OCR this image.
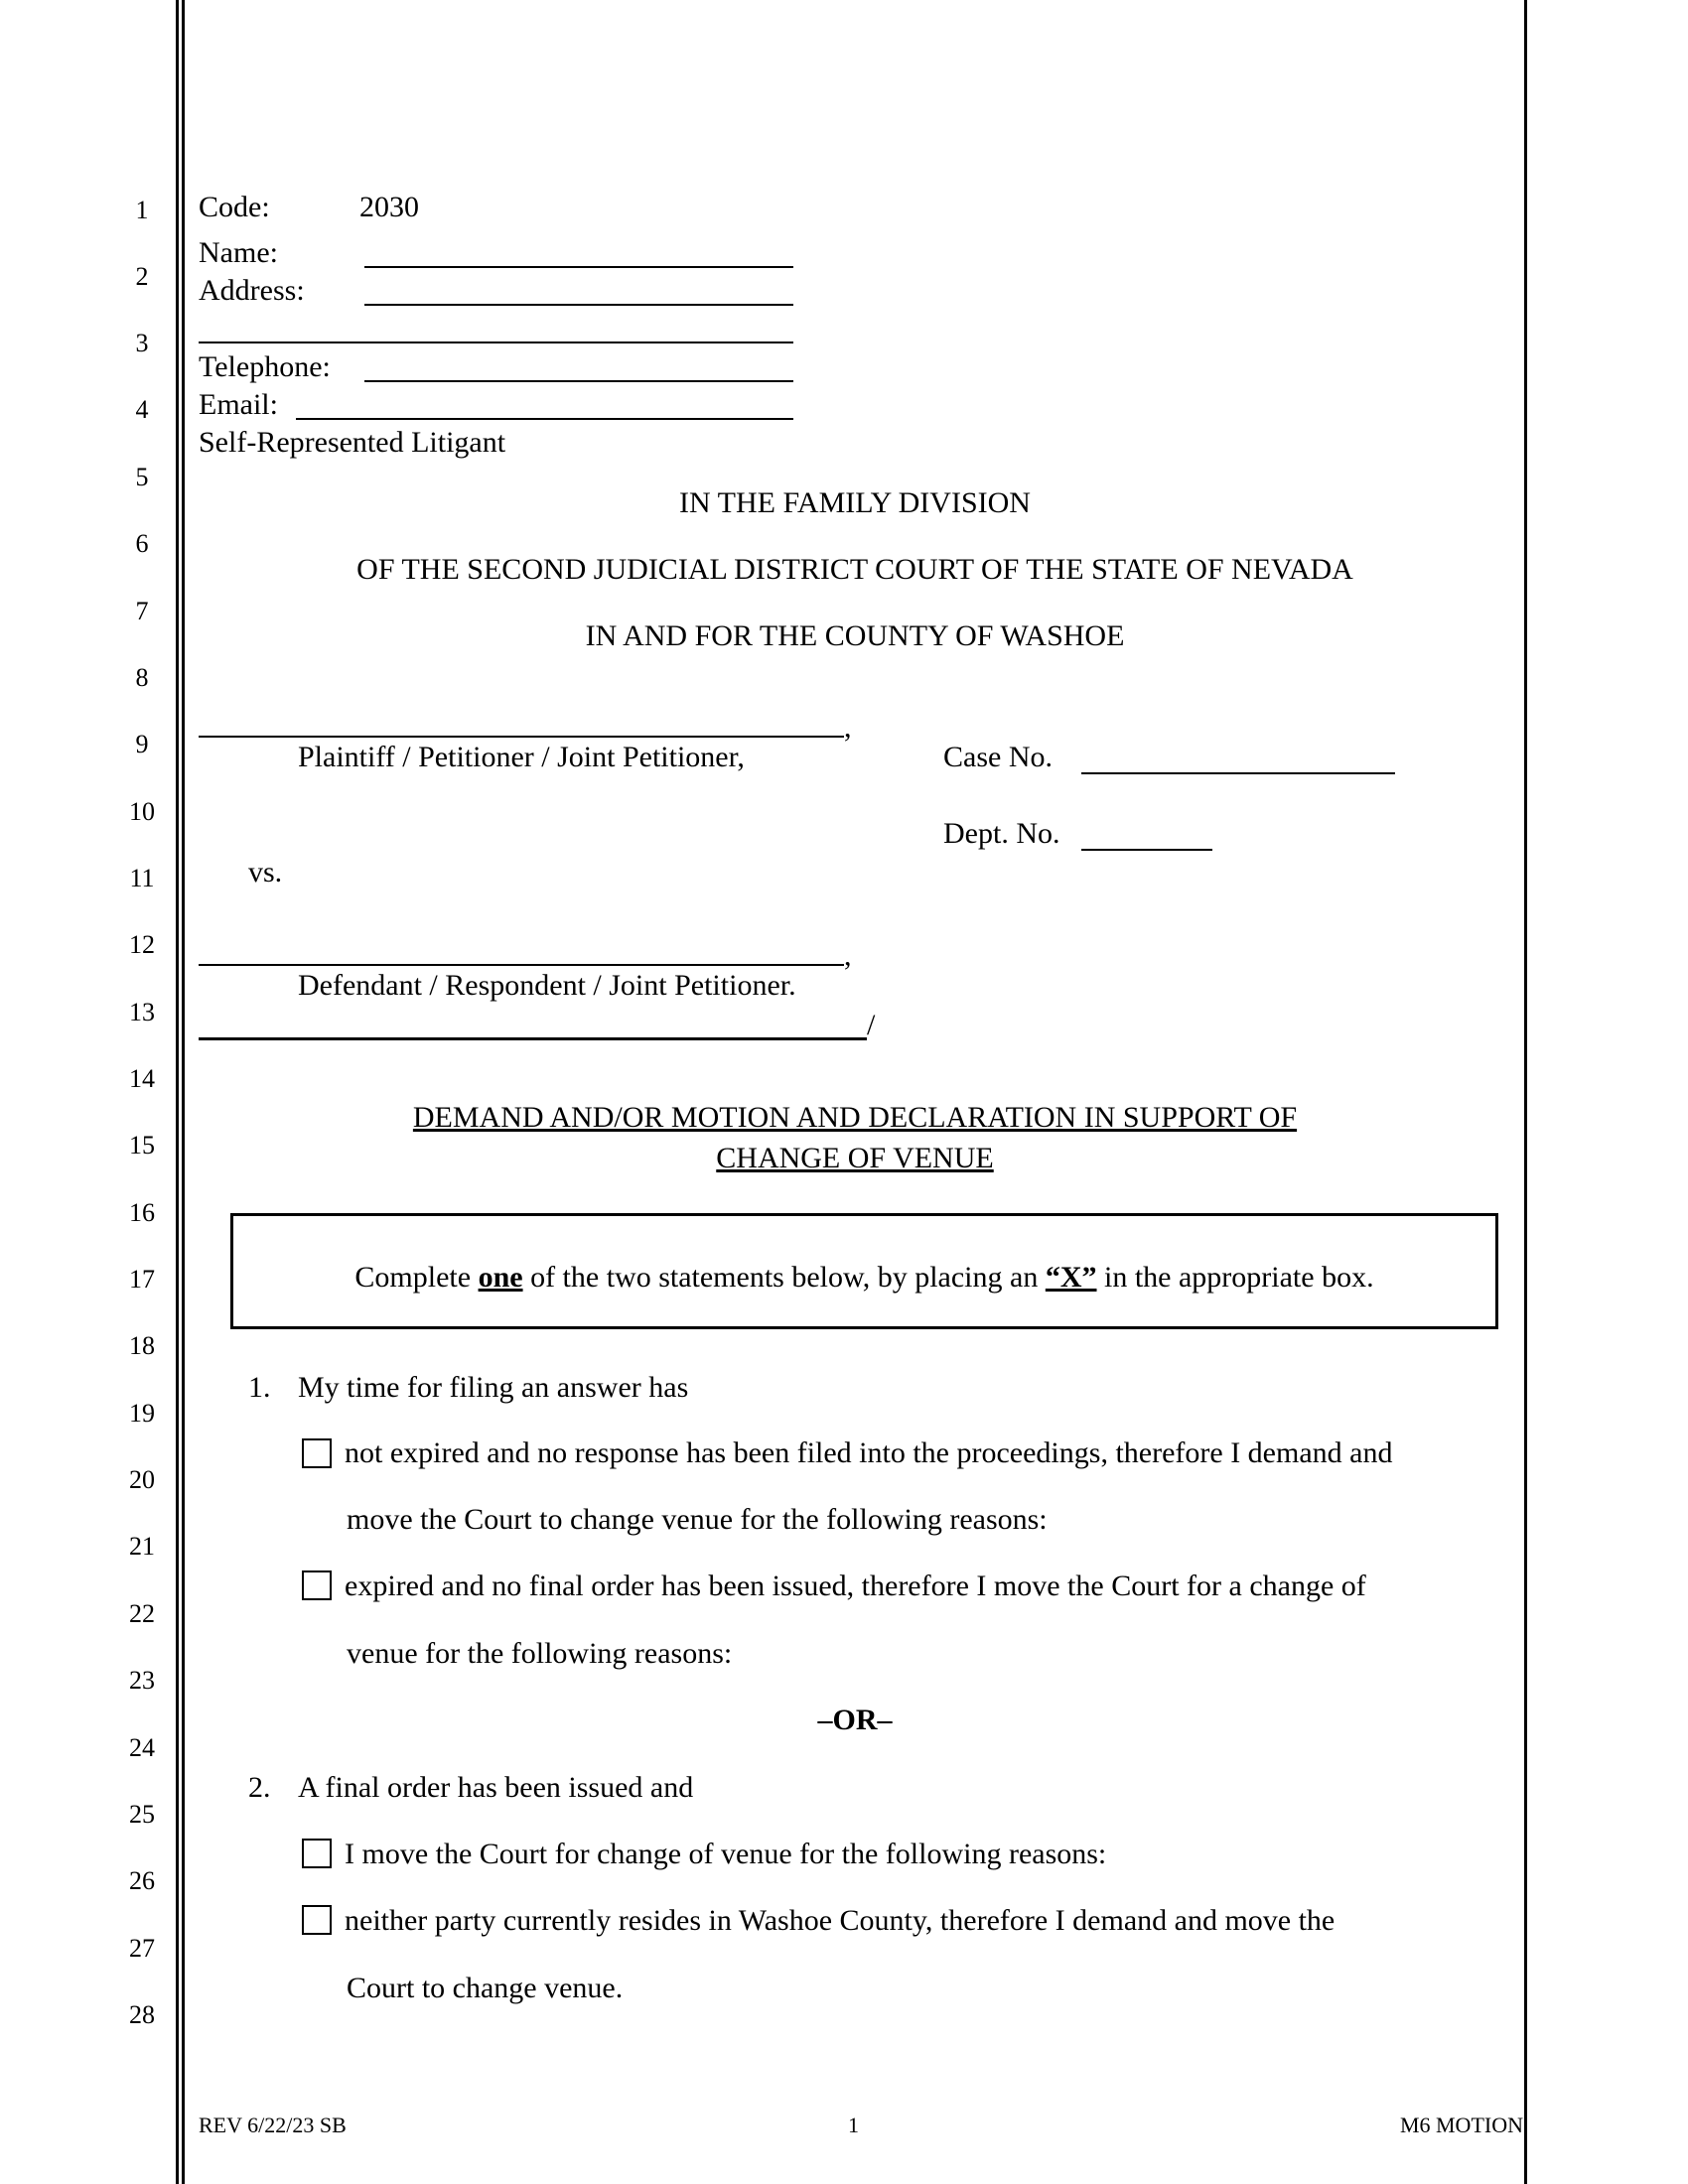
1
2
3
4
5
6
7
8
9
10
11
12
13
14
15
16
17
18
19
20
21
22
23
24
25
26
27
28
Code:	2030
Name:
Address:
Telephone:
Email:
Self-Represented Litigant
IN THE FAMILY DIVISION
OF THE SECOND JUDICIAL DISTRICT COURT OF THE STATE OF NEVADA
IN AND FOR THE COUNTY OF WASHOE
,
Plaintiff / Petitioner / Joint Petitioner,	Case No.
Dept. No.
vs.
,
Defendant / Respondent / Joint Petitioner.
/
DEMAND AND/OR MOTION AND DECLARATION IN SUPPORT OF
CHANGE OF VENUE
Complete one of the two statements below, by placing an “X” in the appropriate box.
1. My time for filing an answer has
not expired and no response has been filed into the proceedings, therefore I demand and
move the Court to change venue for the following reasons:
expired and no final order has been issued, therefore I move the Court for a change of
venue for the following reasons:
–OR–
2. A final order has been issued and
I move the Court for change of venue for the following reasons:
neither party currently resides in Washoe County, therefore I demand and move the
Court to change venue.
REV 6/22/23 SB	1	M6 MOTION
